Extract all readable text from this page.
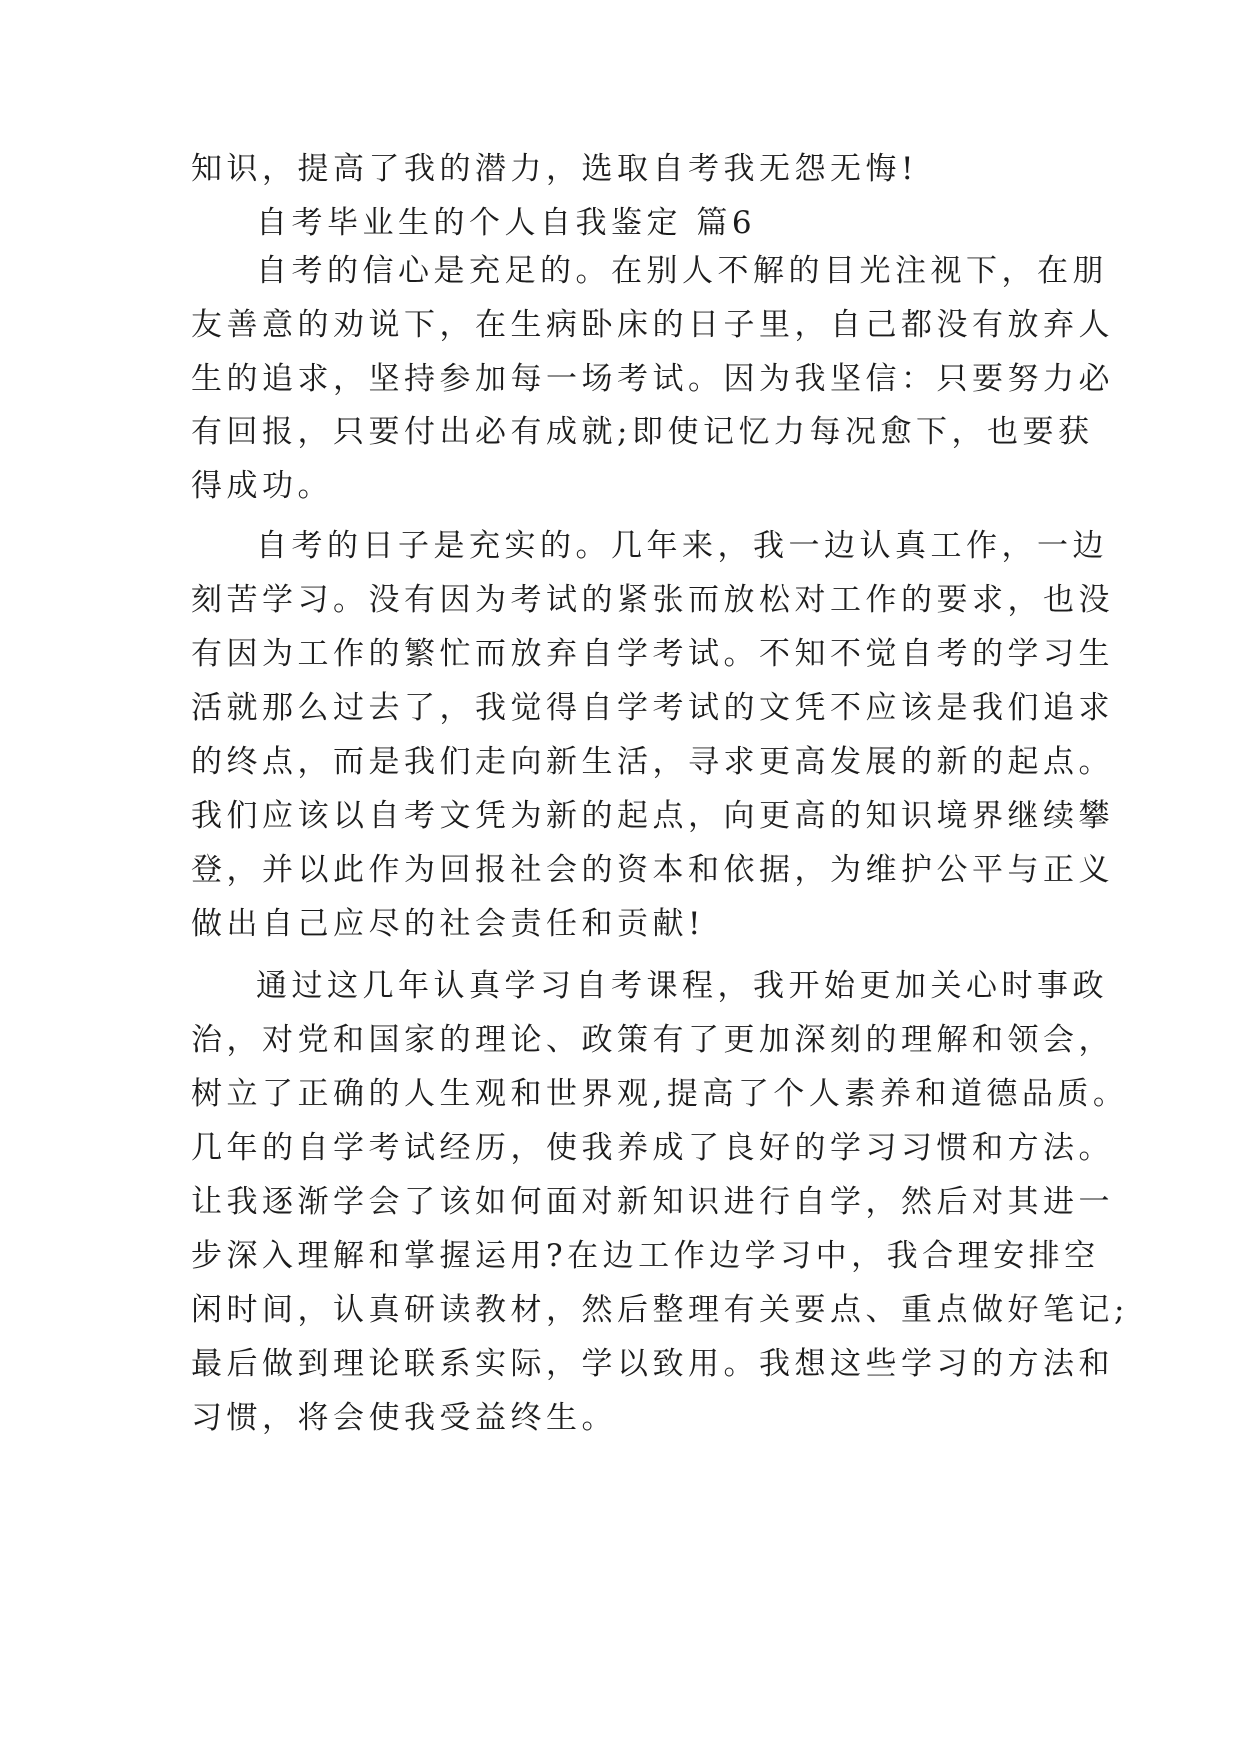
知识，提高了我的潜力，选取自考我无怨无悔!
自考毕业生的个人自我鉴定 篇6
自考的信心是充足的。在别人不解的目光注视下，在朋
友善意的劝说下，在生病卧床的日子里，自己都没有放弃人
生的追求，坚持参加每一场考试。因为我坚信：只要努力必
有回报，只要付出必有成就;即使记忆力每况愈下，也要获
得成功。
自考的日子是充实的。几年来，我一边认真工作，一边
刻苦学习。没有因为考试的紧张而放松对工作的要求，也没
有因为工作的繁忙而放弃自学考试。不知不觉自考的学习生
活就那么过去了，我觉得自学考试的文凭不应该是我们追求
的终点，而是我们走向新生活，寻求更高发展的新的起点。
我们应该以自考文凭为新的起点，向更高的知识境界继续攀
登，并以此作为回报社会的资本和依据，为维护公平与正义
做出自己应尽的社会责任和贡献!
通过这几年认真学习自考课程，我开始更加关心时事政
治，对党和国家的理论、政策有了更加深刻的理解和领会，
树立了正确的人生观和世界观,提高了个人素养和道德品质。
几年的自学考试经历，使我养成了良好的学习习惯和方法。
让我逐渐学会了该如何面对新知识进行自学，然后对其进一
步深入理解和掌握运用?在边工作边学习中，我合理安排空
闲时间，认真研读教材，然后整理有关要点、重点做好笔记;
最后做到理论联系实际，学以致用。我想这些学习的方法和
习惯，将会使我受益终生。
